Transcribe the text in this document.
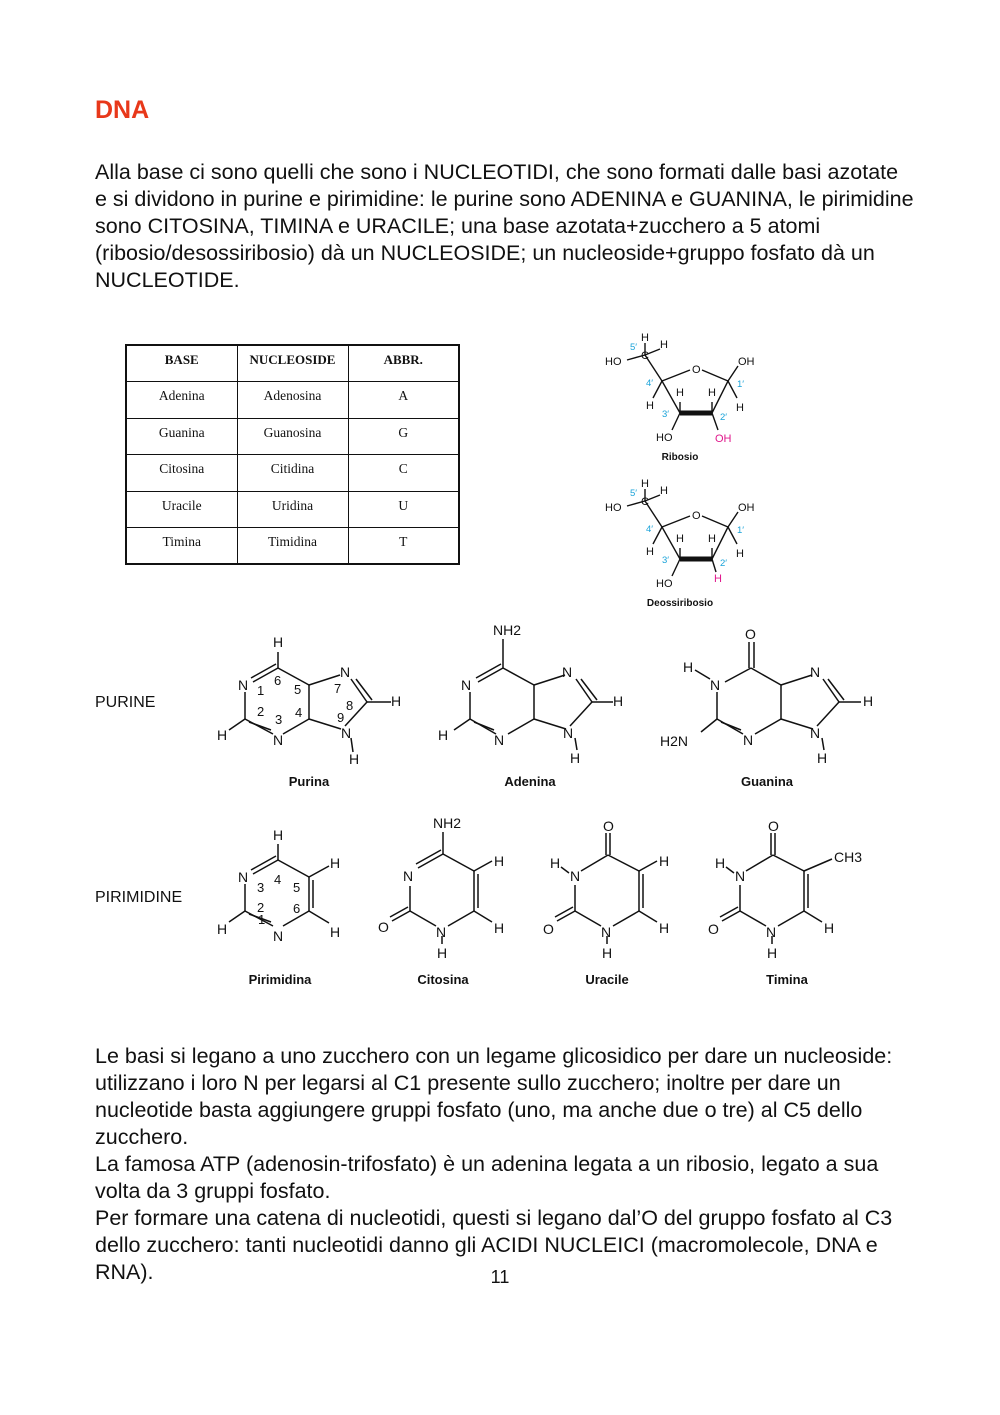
DNA

Alla base ci sono quelli che sono i NUCLEOTIDI, che sono formati dalle basi azotate e si dividono in purine e pirimidine: le purine sono ADENINA e GUANINA, le pirimidine sono CITOSINA, TIMINA e URACILE; una base azotata+zucchero a 5 atomi (ribosio/desossiribosio) dà un NUCLEOSIDE; un nucleoside+gruppo fosfato dà un NUCLEOTIDE.

BASE	NUCLEOSIDE	ABBR.
Adenina	Adenosina	A
Guanina	Guanosina	G
Citosina	Citidina	C
Uracile	Uridina	U
Timina	Timidina	T
H
H
C
HO
O
OH
H H
H	H
HO	OH
5′
4′
3′	2′
1′
Ribosio
H
H
C
HO
O
OH
H H
H	H
HO	H
5′
4′
3′	2′
1′
Deossiribosio
PURINE
PIRIMIDINE
H
N
H	N
N
H
N
H
1
2
3 4
5
6
7
8
9
Purina
NH2
N
H	N
N
H
N
H
Adenina
O
H
N
H2N	N
N
H
N
H
Guanina
H
N
H	N
H
H
1
2
3
4
5
6
Pirimidina
NH2
N
O	N
H
H
H
Citosina
O
H
N
O	N
H
H
H
Uracile
O
H
N
O	N
H
CH3
H
Timina
Le basi si legano a uno zucchero con un legame glicosidico per dare un nucleoside: utilizzano i loro N per legarsi al C1 presente sullo zucchero; inoltre per dare un nucleotide basta aggiungere gruppi fosfato (uno, ma anche due o tre) al C5 dello zucchero.
La famosa ATP (adenosin-trifosfato) è un adenina legata a un ribosio, legato a sua volta da 3 gruppi fosfato.
Per formare una catena di nucleotidi, questi si legano dal’O del gruppo fosfato al C3 dello zucchero: tanti nucleotidi danno gli ACIDI NUCLEICI (macromolecole, DNA e RNA).	11
